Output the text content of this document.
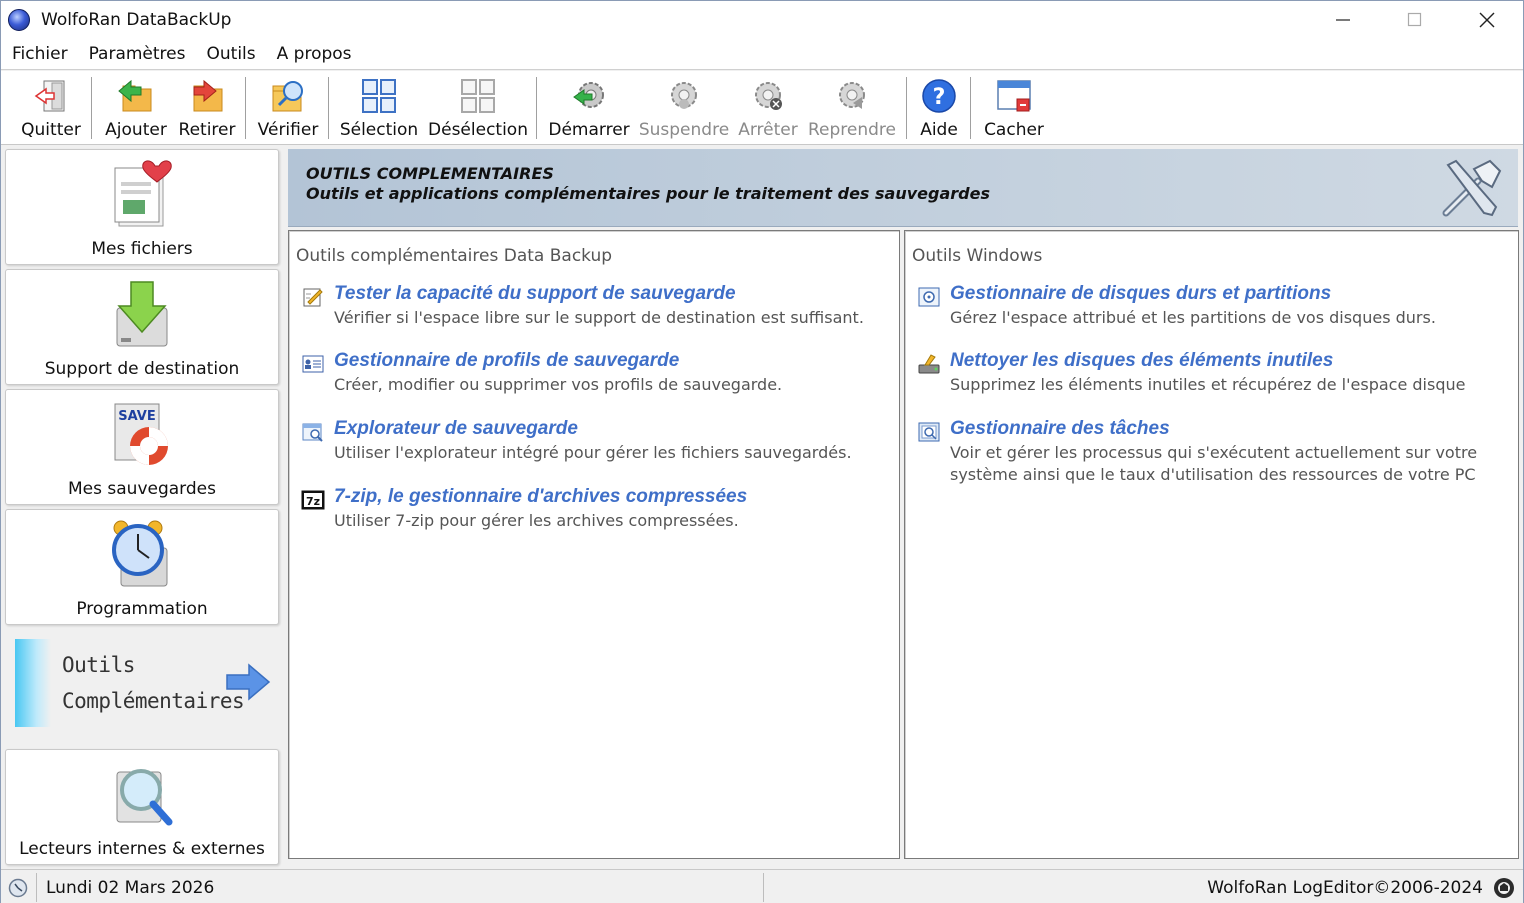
WolfoRan DataBackUp
Fichier	Paramètres	Outils	A propos
Quitter Ajouter Retirer Vérifier Sélection Désélection Démarrer Suspendre Arrêter Reprendre
?
Aide Cacher
Mes fichiers
Support de destination
SAVE
Mes sauvegardes
Programmation
Outils
Complémentaires
Lecteurs internes & externes
OUTILS COMPLEMENTAIRES
Outils et applications complémentaires pour le traitement des sauvegardes
Outils complémentaires Data Backup
Tester la capacité du support de sauvegarde
Vérifier si l'espace libre sur le support de destination est suffisant.
Gestionnaire de profils de sauvegarde
Créer, modifier ou supprimer vos profils de sauvegarde.
Explorateur de sauvegarde
Utiliser l'explorateur intégré pour gérer les fichiers sauvegardés.
7z 7-zip, le gestionnaire d'archives compressées
Utiliser 7-zip pour gérer les archives compressées.
Outils Windows
Gestionnaire de disques durs et partitions
Gérez l'espace attribué et les partitions de vos disques durs.
Nettoyer les disques des éléments inutiles
Supprimez les éléments inutiles et récupérez de l'espace disque
Gestionnaire des tâches
Voir et gérer les processus qui s'exécutent actuellement sur votre
système ainsi que le taux d'utilisation des ressources de votre PC
Lundi 02 Mars 2026	WolfoRan LogEditor©2006-2024
